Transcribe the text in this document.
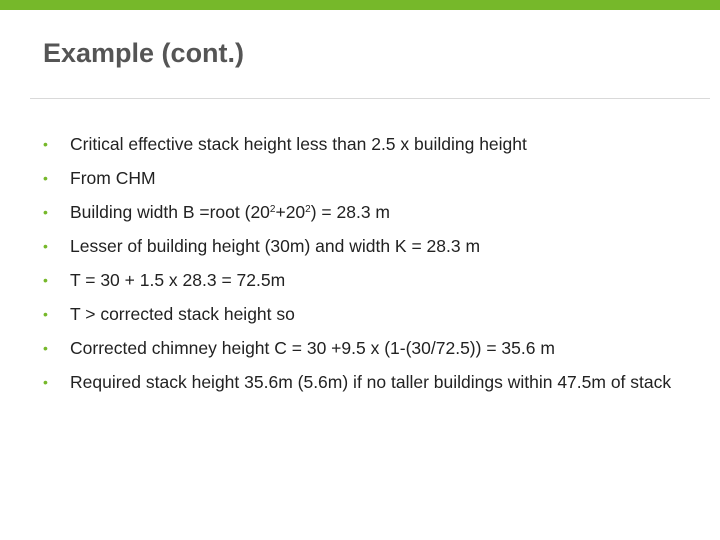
Example (cont.)
•	Critical effective stack height less than 2.5 x building height
•	From CHM
•	Building width B =root $(20^2+20^2) = 28.3$ m
•	Lesser of building height (30m) and width K = 28.3 m
•	T = 30 + 1.5 x 28.3 = 72.5m
•	T > corrected stack height so
•	Corrected chimney height C = 30 +9.5 x (1-(30/72.5)) = 35.6 m
•	Required stack height 35.6m (5.6m) if no taller buildings within 47.5m of stack
